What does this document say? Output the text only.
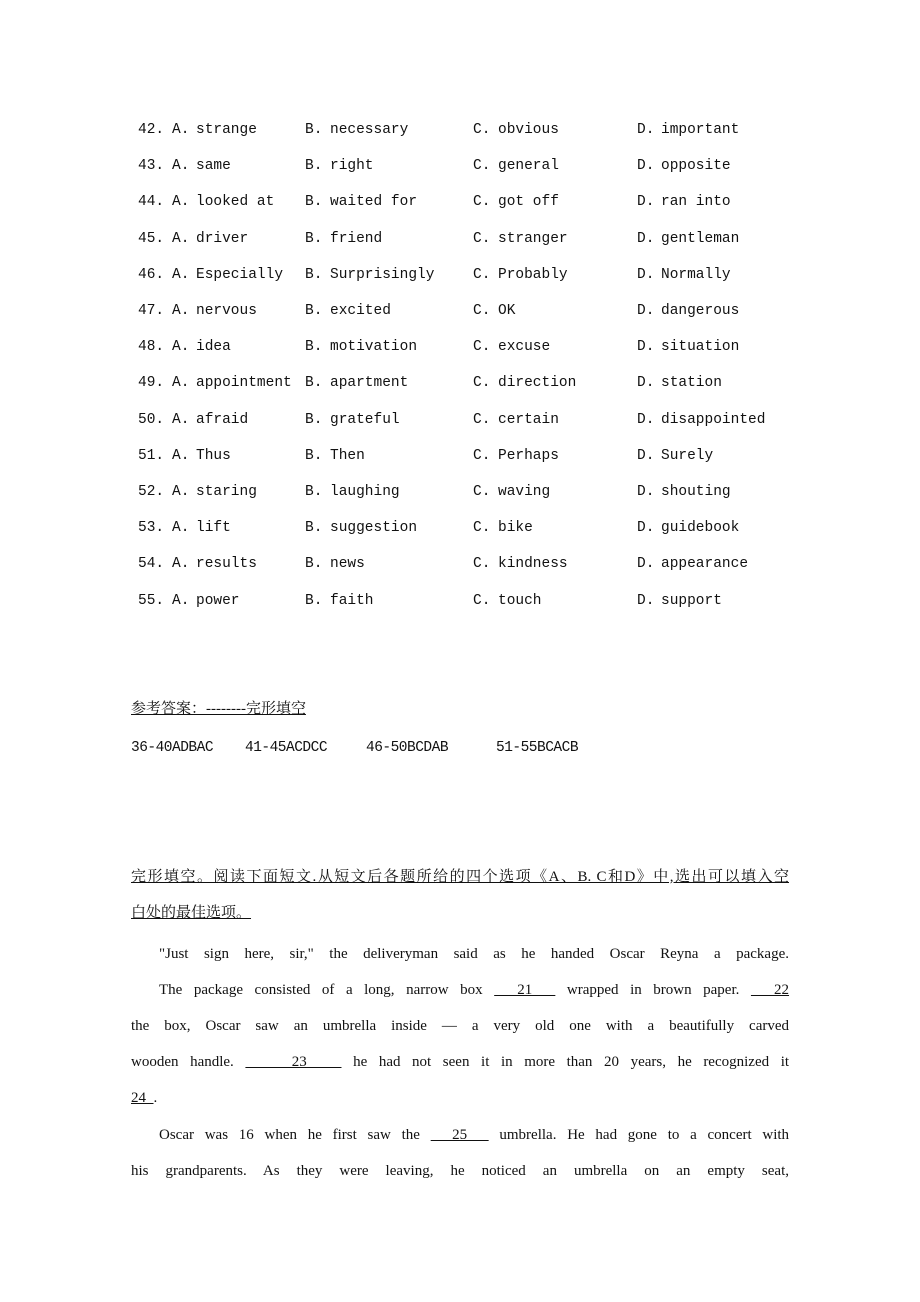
42. A. strange	B. necessary	C. obvious	D. important
43. A. same	B. right	C. general	D. opposite
44. A. looked at B. waited for	C. got off	D. ran into
45. A. driver	B. friend	C. stranger	D. gentleman
46. A. Especially B. Surprisingly	C. Probably	D. Normally
47. A. nervous	B. excited	C. OK	D. dangerous
48. A. idea	B. motivation	C. excuse	D. situation
49. A. appointment B. apartment	C. direction	D. station
50. A. afraid	B. grateful	C. certain	D. disappointed
51. A. Thus	B. Then	C. Perhaps	D. Surely
52. A. staring	B. laughing	C. waving	D. shouting
53. A. lift	B. suggestion	C. bike	D. guidebook
54. A. results	B. news	C. kindness	D. appearance
55. A. power	B. faith	C. touch	D. support
参考答案：--------完形填空
36-40ADBAC 41-45ACDCC	46-50BCDAB	51-55BCACB
完形填空。阅读下面短文.从短文后各题所给的四个选项《A、B. C和D》中,选出可以填入空
白处的最佳选项。
"Just sign here, sir," the deliveryman said as he handed Oscar Reyna a package.
The package consisted of a long, narrow box   21   wrapped in brown paper.   22
the box, Oscar saw an umbrella inside — a very old one with a beautifully carved
wooden handle.     23    he had not seen it in more than 20 years, he recognized it
24  .
Oscar was 16 when he first saw the   25   umbrella. He had gone to a concert with
his grandparents. As they were leaving, he noticed an umbrella on an empty seat,
